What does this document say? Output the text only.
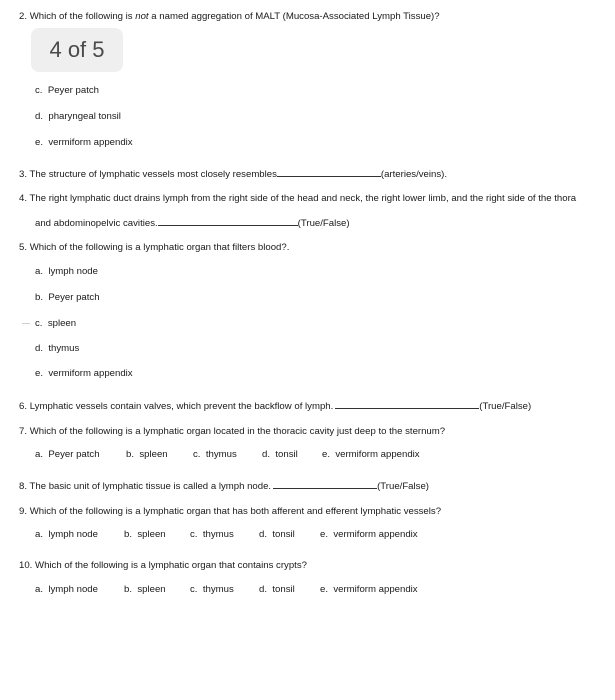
2. Which of the following is not a named aggregation of MALT (Mucosa-Associated Lymph Tissue)?
4 of 5
c. Peyer patch
d. pharyngeal tonsil
e. vermiform appendix
3. The structure of lymphatic vessels most closely resembles	(arteries/veins).
4. The right lymphatic duct drains lymph from the right side of the head and neck, the right lower limb, and the right side of the thora
and abdominopelvic cavities.	(True/False)
5. Which of the following is a lymphatic organ that filters blood?.
a. lymph node
b. Peyer patch
c. spleen
d. thymus
e. vermiform appendix
6. Lymphatic vessels contain valves, which prevent the backflow of lymph.	(True/False)
7. Which of the following is a lymphatic organ located in the thoracic cavity just deep to the sternum?
a. Peyer patch	b. spleen	c. thymus	d. tonsil	e. vermiform appendix
8. The basic unit of lymphatic tissue is called a lymph node.	(True/False)
9. Which of the following is a lymphatic organ that has both afferent and efferent lymphatic vessels?
a. lymph node	b. spleen	c. thymus	d. tonsil	e. vermiform appendix
10. Which of the following is a lymphatic organ that contains crypts?
a. lymph node	b. spleen	c. thymus	d. tonsil	e. vermiform appendix
